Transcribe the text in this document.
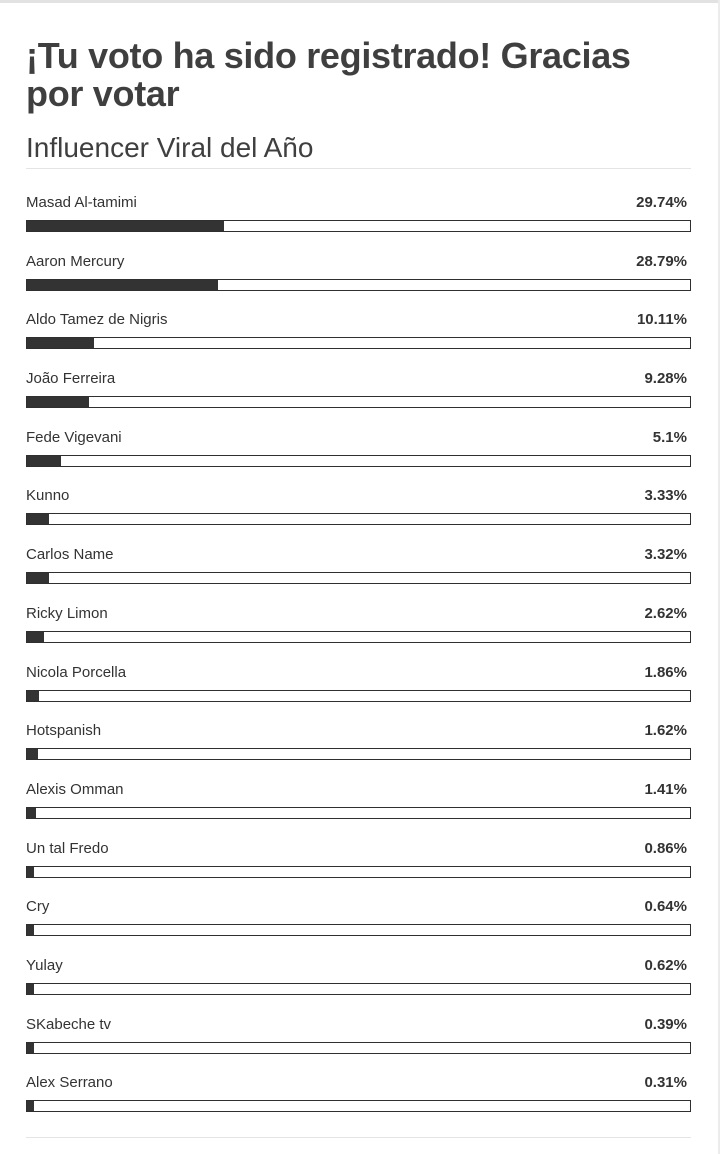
¡Tu voto ha sido registrado! Gracias por votar
Influencer Viral del Año
Masad Al-tamimi	29.74%
Aaron Mercury	28.79%
Aldo Tamez de Nigris	10.11%
João Ferreira	9.28%
Fede Vigevani	5.1%
Kunno	3.33%
Carlos Name	3.32%
Ricky Limon	2.62%
Nicola Porcella	1.86%
Hotspanish	1.62%
Alexis Omman	1.41%
Un tal Fredo	0.86%
Cry	0.64%
Yulay	0.62%
SKabeche tv	0.39%
Alex Serrano	0.31%
